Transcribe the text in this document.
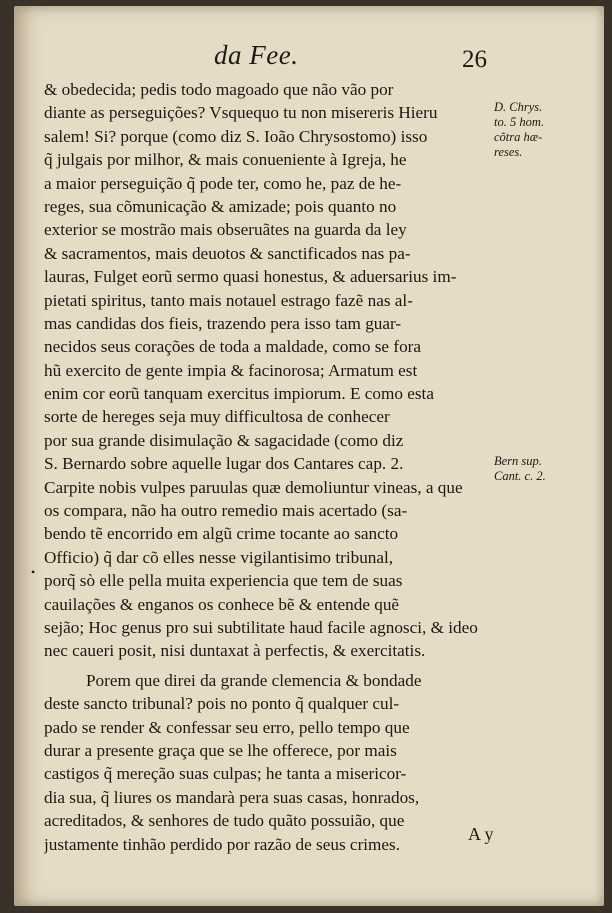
da Fee.	26
& obedecida; pedis todo magoado que não vão por
diante as perseguições? Vsquequo tu non misereris Hieru
salem! Si? porque (como diz S. Ioão Chrysostomo) isso
q̃ julgais por milhor, & mais conueniente à Igreja, he
a maior perseguição q̃ pode ter, como he, paz de he-
reges, sua cõmunicação & amizade; pois quanto no
exterior se mostrão mais obseruãtes na guarda da ley
& sacramentos, mais deuotos & sanctificados nas pa-
lauras, Fulget eorũ sermo quasi honestus, & aduersarius im-
pietati spiritus, tanto mais notauel estrago fazẽ nas al-
mas candidas dos fieis, trazendo pera isso tam guar-
necidos seus corações de toda a maldade, como se fora
hũ exercito de gente impia & facinorosa; Armatum est
enim cor eorũ tanquam exercitus impiorum. E como esta
sorte de hereges seja muy difficultosa de conhecer
por sua grande disimulação & sagacidade (como diz
S. Bernardo sobre aquelle lugar dos Cantares cap. 2.
Carpite nobis vulpes paruulas quæ demoliuntur vineas, a que
os compara, não ha outro remedio mais acertado (sa-
bendo tẽ encorrido em algũ crime tocante ao sancto
Officio) q̃ dar cõ elles nesse vigilantisimo tribunal,
porq̃ sò elle pella muita experiencia que tem de suas
cauilações & enganos os conhece bẽ & entende quẽ
sejão; Hoc genus pro sui subtilitate haud facile agnosci, & ideo
nec caueri posit, nisi duntaxat à perfectis, & exercitatis.
Porem que direi da grande clemencia & bondade
deste sancto tribunal? pois no ponto q̃ qualquer cul-
pado se render & confessar seu erro, pello tempo que
durar a presente graça que se lhe offerece, por mais
castigos q̃ mereção suas culpas; he tanta a misericor-
dia sua, q̃ liures os mandarà pera suas casas, honrados,
acreditados, & senhores de tudo quãto possuião, que
justamente tinhão perdido por razão de seus crimes.
D. Chrys.
to. 5 hom.
cõtra hæ-
reses.
Bern sup.
Cant. c. 2.
•
A y
